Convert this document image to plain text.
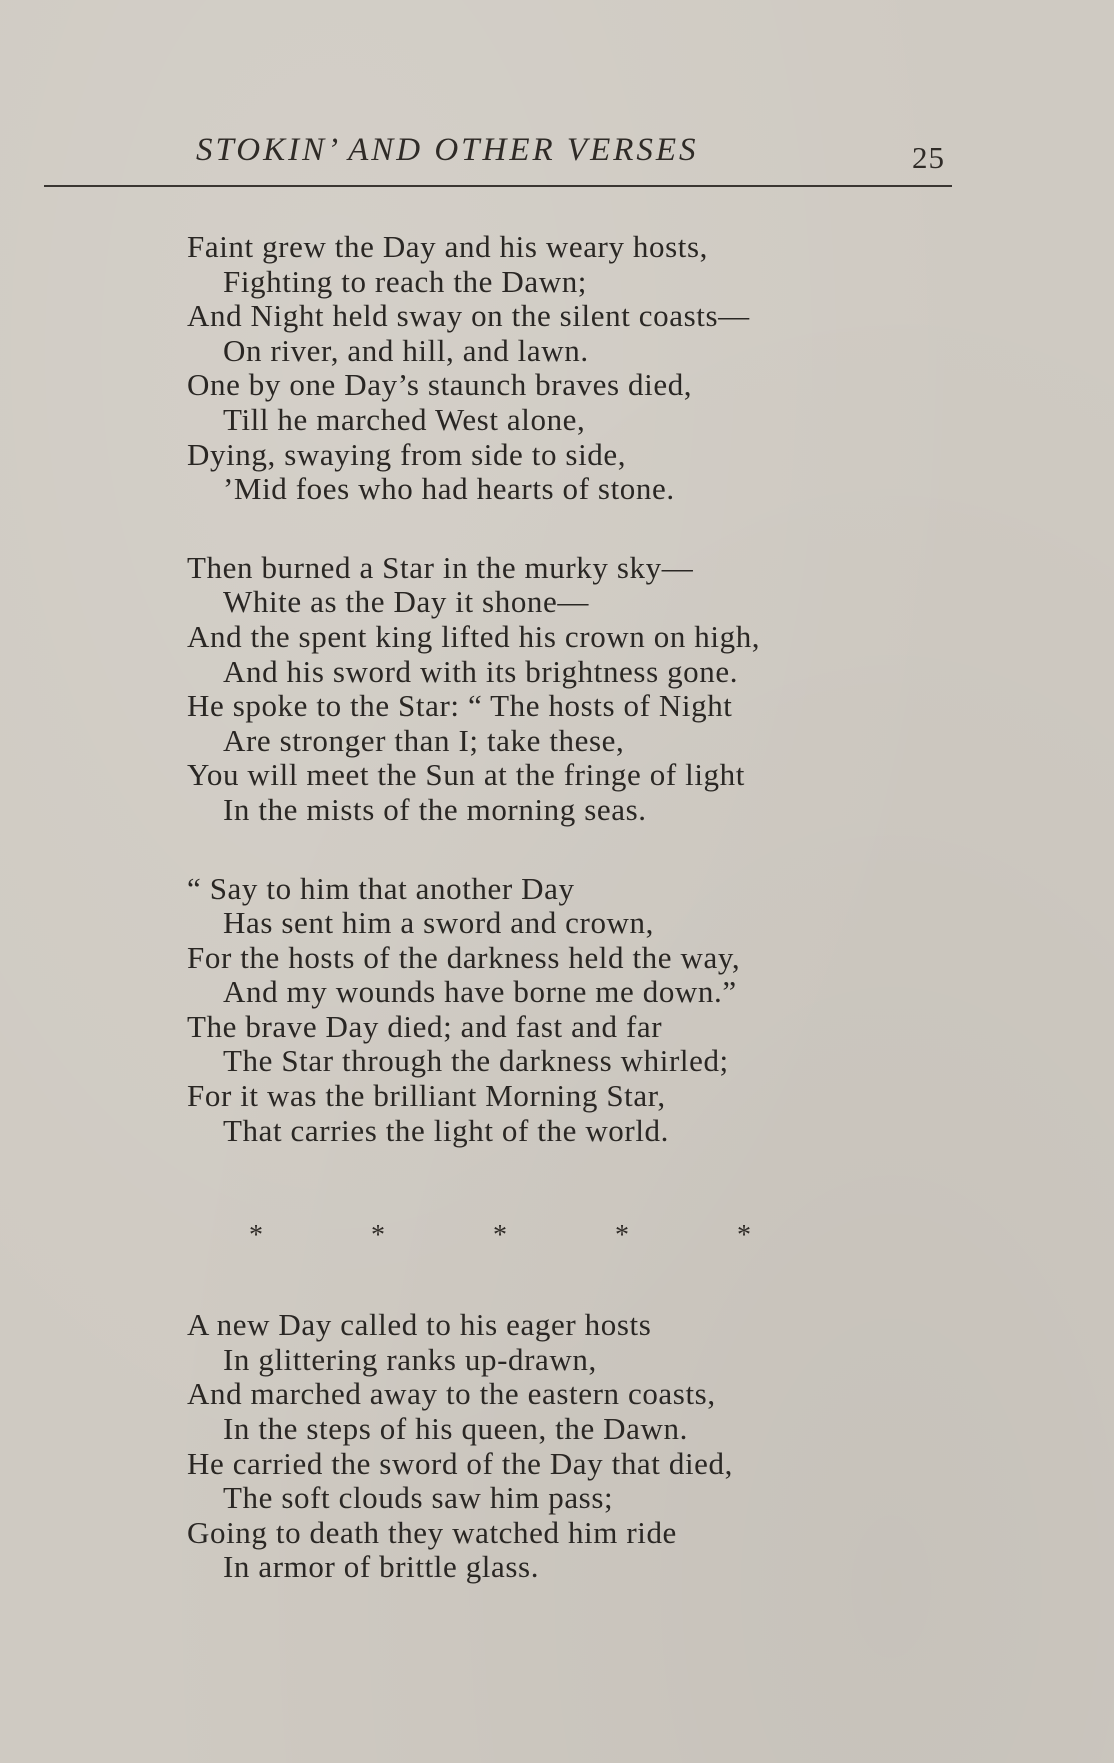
STOKIN’ AND OTHER VERSES	25
Faint grew the Day and his weary hosts,
Fighting to reach the Dawn;
And Night held sway on the silent coasts—
On river, and hill, and lawn.
One by one Day’s staunch braves died,
Till he marched West alone,
Dying, swaying from side to side,
’Mid foes who had hearts of stone.
Then burned a Star in the murky sky—
White as the Day it shone—
And the spent king lifted his crown on high,
And his sword with its brightness gone.
He spoke to the Star: “ The hosts of Night
Are stronger than I; take these,
You will meet the Sun at the fringe of light
In the mists of the morning seas.
“ Say to him that another Day
Has sent him a sword and crown,
For the hosts of the darkness held the way,
And my wounds have borne me down.”
The brave Day died; and fast and far
The Star through the darkness whirled;
For it was the brilliant Morning Star,
That carries the light of the world.
*	*	*	*	*
A new Day called to his eager hosts
In glittering ranks up-drawn,
And marched away to the eastern coasts,
In the steps of his queen, the Dawn.
He carried the sword of the Day that died,
The soft clouds saw him pass;
Going to death they watched him ride
In armor of brittle glass.
